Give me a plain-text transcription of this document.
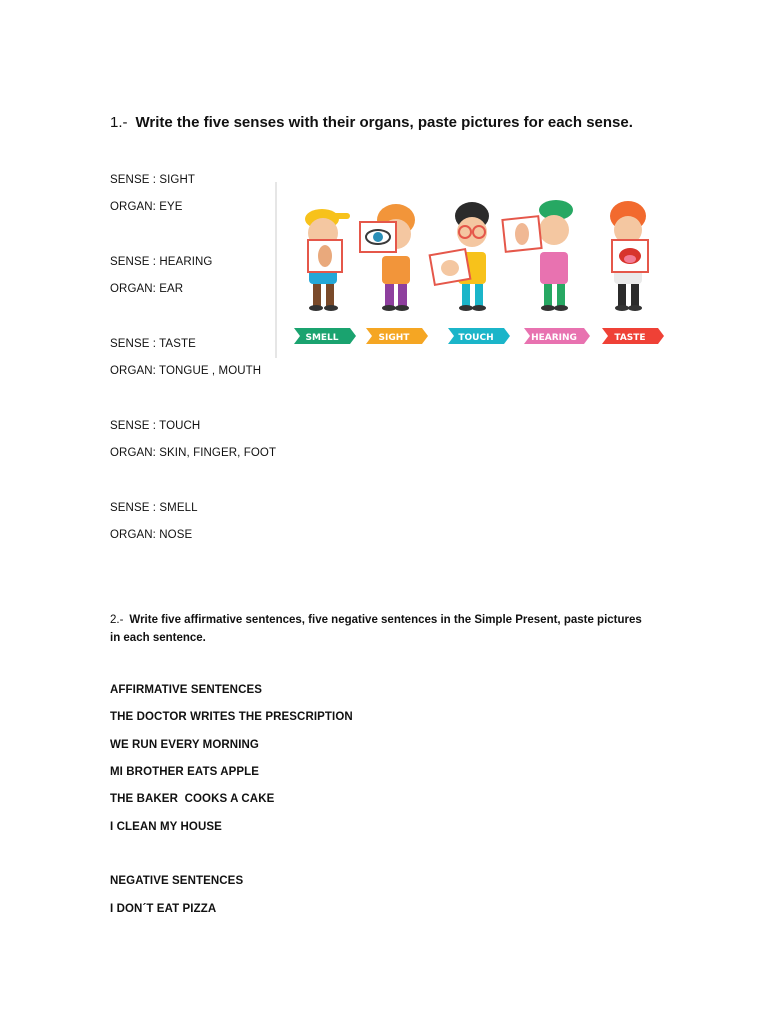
1.- Write the five senses with their organs, paste pictures for each sense.
SENSE : SIGHT
ORGAN: EYE
SENSE : HEARING
ORGAN: EAR
SENSE : TASTE
ORGAN: TONGUE , MOUTH
SENSE : TOUCH
ORGAN: SKIN, FINGER, FOOT
SENSE : SMELL
ORGAN: NOSE
SMELL	SIGHT	TOUCH	HEARING	TASTE
2.- Write five affirmative sentences, five negative sentences in the Simple Present, paste pictures in each sentence.
AFFIRMATIVE SENTENCES
THE DOCTOR WRITES THE PRESCRIPTION
WE RUN EVERY MORNING
MI BROTHER EATS APPLE
THE BAKER  COOKS A CAKE
I CLEAN MY HOUSE
NEGATIVE SENTENCES
I DON´T EAT PIZZA
